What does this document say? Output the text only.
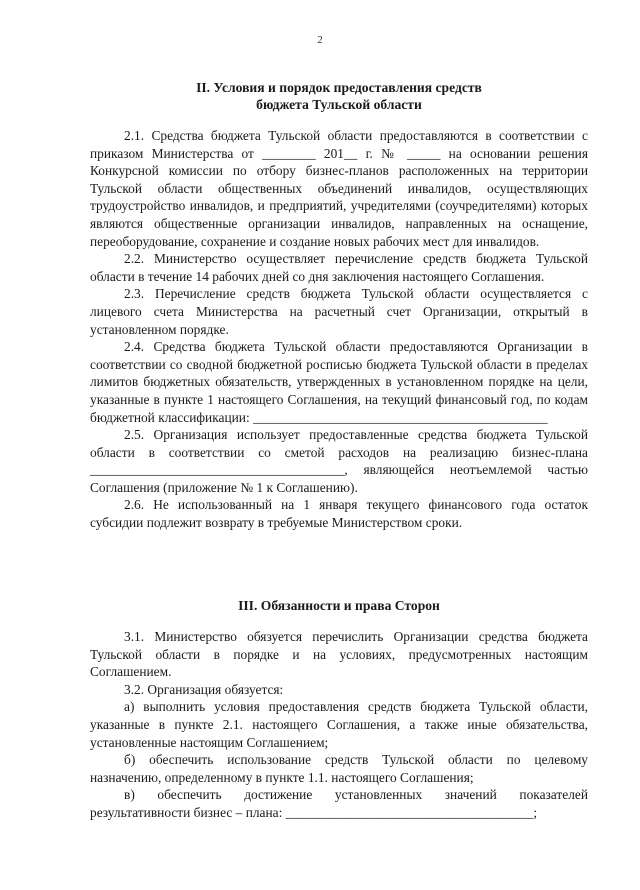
2

II. Условия и порядок предоставления средств

бюджета Тульской области

2.1. Средства бюджета Тульской области предоставляются в соответствии с приказом Министерства от ________ 201__ г. № _____ на основании решения Конкурсной комиссии по отбору бизнес-планов расположенных на территории Тульской области общественных объединений инвалидов, осуществляющих трудоустройство инвалидов, и предприятий, учредителями (соучредителями) которых являются общественные организации инвалидов, направленных на оснащение, переоборудование, сохранение и создание новых рабочих мест для инвалидов.

2.2. Министерство осуществляет перечисление средств бюджета Тульской области в течение 14 рабочих дней со дня заключения настоящего Соглашения.

2.3. Перечисление средств бюджета Тульской области осуществляется с лицевого счета Министерства на расчетный счет Организации, открытый в установленном порядке.

2.4. Средства бюджета Тульской области предоставляются Организации в соответствии со сводной бюджетной росписью бюджета Тульской области в пределах лимитов бюджетных обязательств, утвержденных в установленном порядке на цели, указанные в пункте 1 настоящего Соглашения, на текущий финансовый год, по кодам бюджетной классификации: ____________________________________________

2.5. Организация использует предоставленные средства бюджета Тульской области в соответствии со сметой расходов на реализацию бизнес-плана ______________________________________, являющейся неотъемлемой частью Соглашения (приложение № 1 к Соглашению).

2.6. Не использованный на 1 января текущего финансового года остаток субсидии подлежит возврату в требуемые Министерством сроки.

III. Обязанности и права Сторон

3.1. Министерство обязуется перечислить Организации средства бюджета Тульской области в порядке и на условиях, предусмотренных настоящим Соглашением.

3.2. Организация обязуется:

а) выполнить условия предоставления средств бюджета Тульской области, указанные в пункте 2.1. настоящего Соглашения, а также иные обязательства, установленные настоящим Соглашением;

б) обеспечить использование средств Тульской области по целевому назначению, определенному в пункте 1.1. настоящего Соглашения;

в) обеспечить достижение установленных значений показателей результативности бизнес – плана: _____________________________________;
